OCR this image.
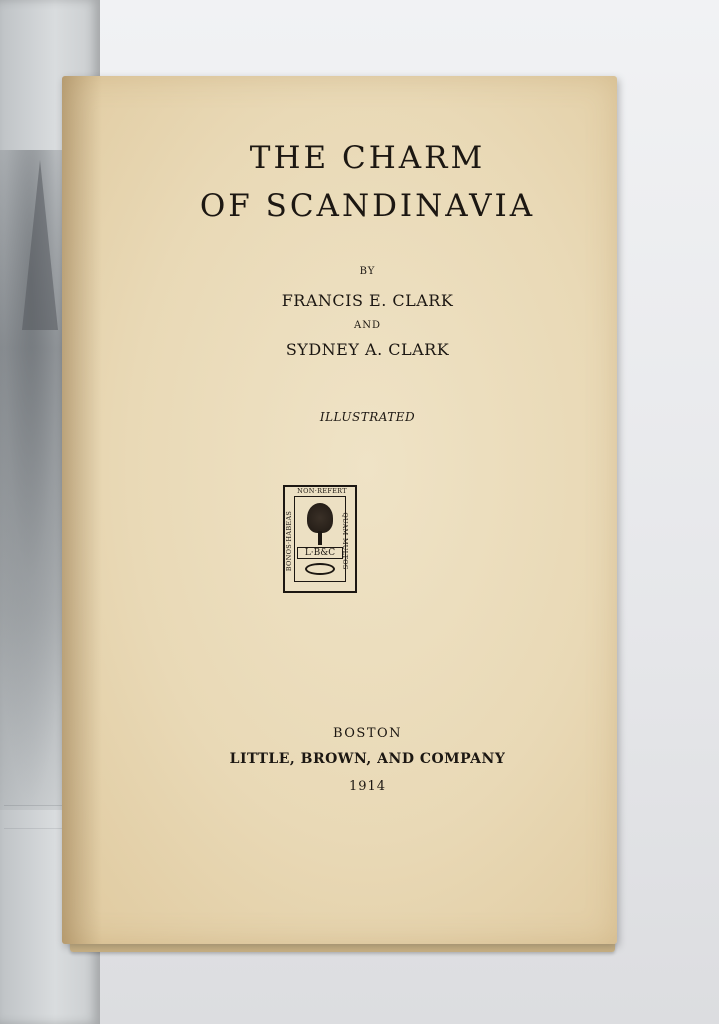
THE CHARM
OF SCANDINAVIA
BY
FRANCIS E. CLARK
AND
SYDNEY A. CLARK
ILLUSTRATED
NON·REFERT
QUAM·MULTOS
BONOS·HABEAS	L·B&C
BOSTON
LITTLE, BROWN, AND COMPANY
1914
